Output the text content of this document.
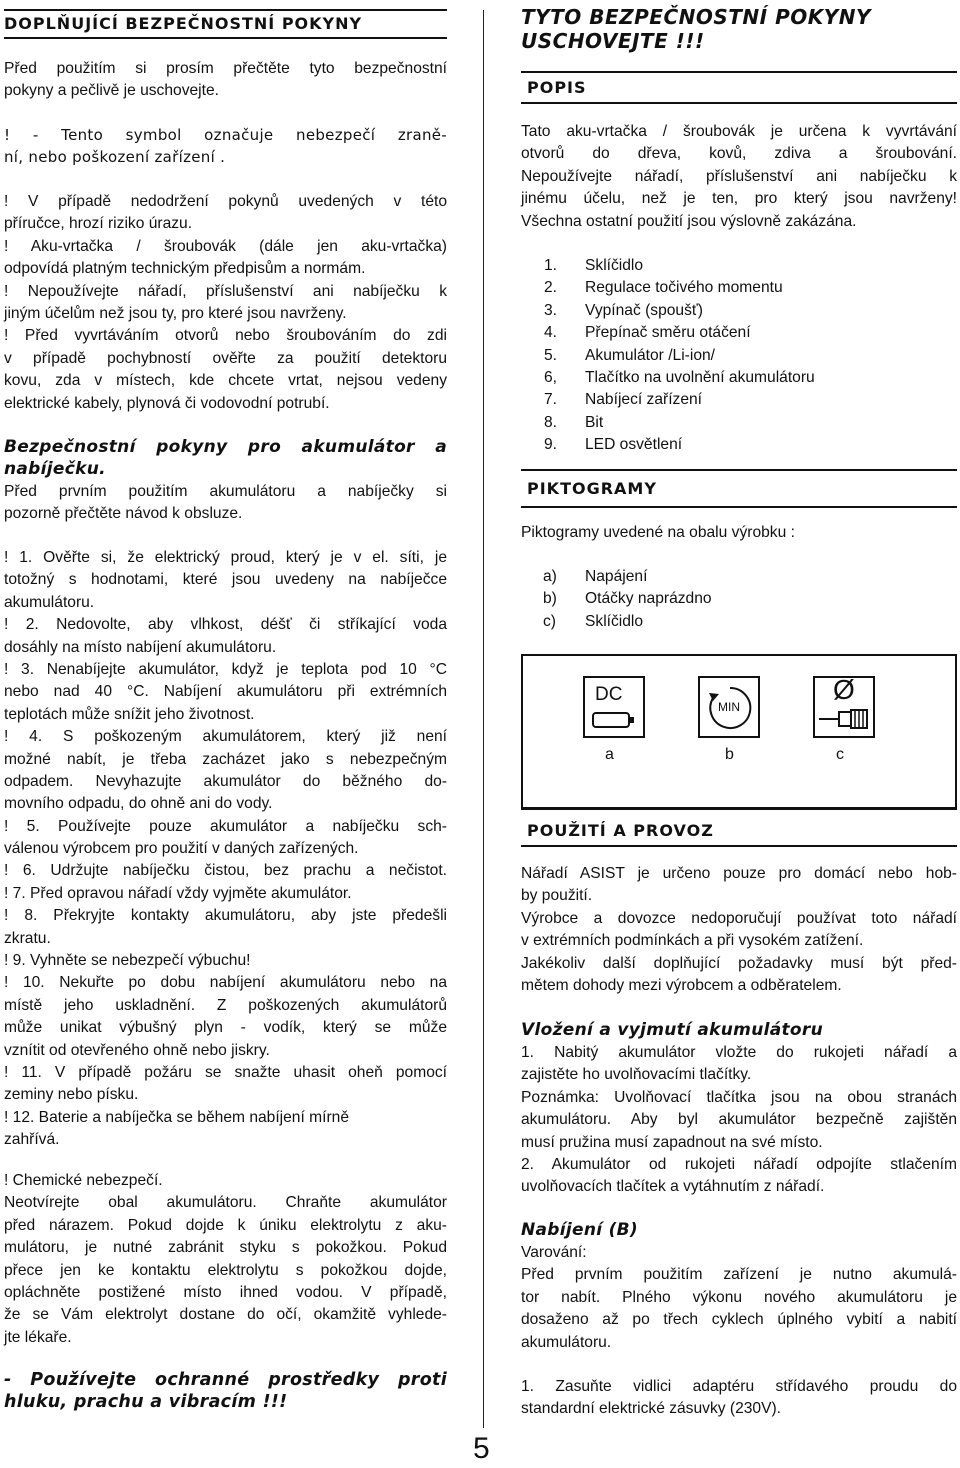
DOPLŇUJÍCÍ BEZPEČNOSTNÍ POKYNY
Před použitím si prosím přečtěte tyto bezpečnostní
pokyny a pečlivě je uschovejte.
! - Tento symbol označuje nebezpečí zraně-
ní, nebo poškození zařízení .
! V případě nedodržení pokynů uvedených v této
příručce, hrozí riziko úrazu.
! Aku-vrtačka / šroubovák (dále jen aku-vrtačka)
odpovídá platným technickým předpisům a normám.
! Nepoužívejte nářadí, příslušenství ani nabíječku k
jiným účelům než jsou ty, pro které jsou navrženy.
! Před vyvrtáváním otvorů nebo šroubováním do zdi
v případě pochybností ověřte za použití detektoru
kovu, zda v místech, kde chcete vrtat, nejsou vedeny
elektrické kabely, plynová či vodovodní potrubí.
Bezpečnostní pokyny pro akumulátor a
nabíječku.
Před prvním použitím akumulátoru a nabíječky si
pozorně přečtěte návod k obsluze.
! 1. Ověřte si, že elektrický proud, který je v el. síti, je
totožný s hodnotami, které jsou uvedeny na nabíječce
akumulátoru.
! 2. Nedovolte, aby vlhkost, déšť či stříkající voda
dosáhly na místo nabíjení akumulátoru.
! 3. Nenabíjejte akumulátor, když je teplota pod 10 °C
nebo nad 40 °C. Nabíjení akumulátoru při extrémních
teplotách může snížit jeho životnost.
! 4. S poškozeným akumulátorem, který již není
možné nabít, je třeba zacházet jako s nebezpečným
odpadem. Nevyhazujte akumulátor do běžného do-
movního odpadu, do ohně ani do vody.
! 5. Používejte pouze akumulátor a nabíječku sch-
válenou výrobcem pro použití v daných zařízených.
! 6. Udržujte nabíječku čistou, bez prachu a nečistot.
! 7. Před opravou nářadí vždy vyjměte akumulátor.
! 8. Překryjte kontakty akumulátoru, aby jste předešli
zkratu.
! 9. Vyhněte se nebezpečí výbuchu!
! 10. Nekuřte po dobu nabíjení akumulátoru nebo na
místě jeho uskladnění. Z poškozených akumulátorů
může unikat výbušný plyn - vodík, který se může
vznítit od otevřeného ohně nebo jiskry.
! 11. V případě požáru se snažte uhasit oheň pomocí
zeminy nebo písku.
! 12. Baterie a nabíječka se během nabíjení mírně
zahřívá.
! Chemické nebezpečí.
Neotvírejte obal akumulátoru. Chraňte akumulátor
před nárazem. Pokud dojde k úniku elektrolytu z aku-
mulátoru, je nutné zabránit styku s pokožkou. Pokud
přece jen ke kontaktu elektrolytu s pokožkou dojde,
opláchněte postižené místo ihned vodou. V případě,
že se Vám elektrolyt dostane do očí, okamžitě vyhlede-
jte lékaře.
- Používejte ochranné prostředky proti
hluku, prachu a vibracím !!!
5
TYTO BEZPEČNOSTNÍ POKYNY
USCHOVEJTE !!!
POPIS
Tato aku-vrtačka / šroubovák je určena k vyvrtávání
otvorů do dřeva, kovů, zdiva a šroubování.
Nepoužívejte nářadí, příslušenství ani nabíječku k
jinému účelu, než je ten, pro který jsou navrženy!
Všechna ostatní použití jsou výslovně zakázána.
1.	Sklíčidlo
2.	Regulace točivého momentu
3.	Vypínač (spoušť)
4.	Přepínač směru otáčení
5.	Akumulátor /Li-ion/
6,	Tlačítko na uvolnění akumulátoru
7.	Nabíjecí zařízení
8.	Bit
9.	LED osvětlení
PIKTOGRAMY
Piktogramy uvedené na obalu výrobku :
a)	Napájení
b)	Otáčky naprázdno
c)	Sklíčidlo
DC
MIN
Ø
a	b	c
POUŽITÍ A PROVOZ
Nářadí ASIST je určeno pouze pro domácí nebo hob-
by použití.
Výrobce a dovozce nedoporučují používat toto nářadí
v extrémních podmínkách a při vysokém zatížení.
Jakékoliv další doplňující požadavky musí být před-
mětem dohody mezi výrobcem a odběratelem.
Vložení a vyjmutí akumulátoru
1. Nabitý akumulátor vložte do rukojeti nářadí a
zajistěte ho uvolňovacími tlačítky.
Poznámka: Uvolňovací tlačítka jsou na obou stranách
akumulátoru. Aby byl akumulátor bezpečně zajištěn
musí pružina musí zapadnout na své místo.
2. Akumulátor od rukojeti nářadí odpojíte stlačením
uvolňovacích tlačítek a vytáhnutím z nářadí.
Nabíjení (B)
Varování:
Před prvním použitím zařízení je nutno akumulá-
tor nabít. Plného výkonu nového akumulátoru je
dosaženo až po třech cyklech úplného vybití a nabití
akumulátoru.
1. Zasuňte vidlici adaptéru střídavého proudu do
standardní elektrické zásuvky (230V).
